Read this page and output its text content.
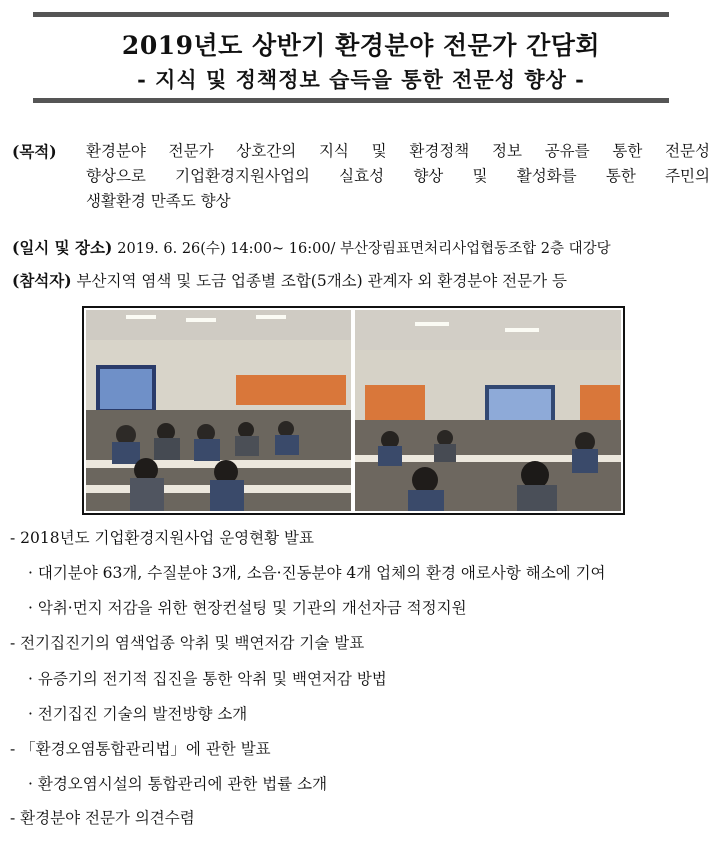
2019년도 상반기 환경분야 전문가 간담회
- 지식 및 정책정보 습득을 통한 전문성 향상 -
(목적) 환경분야 전문가 상호간의 지식 및 환경정책 정보 공유를 통한 전문성
향상으로 기업환경지원사업의 실효성 향상 및 활성화를 통한 주민의
생활환경 만족도 향상
(일시 및 장소) 2019. 6. 26(수) 14:00~ 16:00/ 부산장림표면처리사업협동조합 2층 대강당
(참석자) 부산지역 염색 및 도금 업종별 조합(5개소) 관계자 외 환경분야 전문가 등
- 2018년도 기업환경지원사업 운영현황 발표
· 대기분야 63개, 수질분야 3개, 소음·진동분야 4개 업체의 환경 애로사항 해소에 기여
· 악취·먼지 저감을 위한 현장컨설팅 및 기관의 개선자금 적정지원
- 전기집진기의 염색업종 악취 및 백연저감 기술 발표
· 유증기의 전기적 집진을 통한 악취 및 백연저감 방법
· 전기집진 기술의 발전방향 소개
- 「환경오염통합관리법」에 관한 발표
· 환경오염시설의 통합관리에 관한 법률 소개
- 환경분야 전문가 의견수렴
